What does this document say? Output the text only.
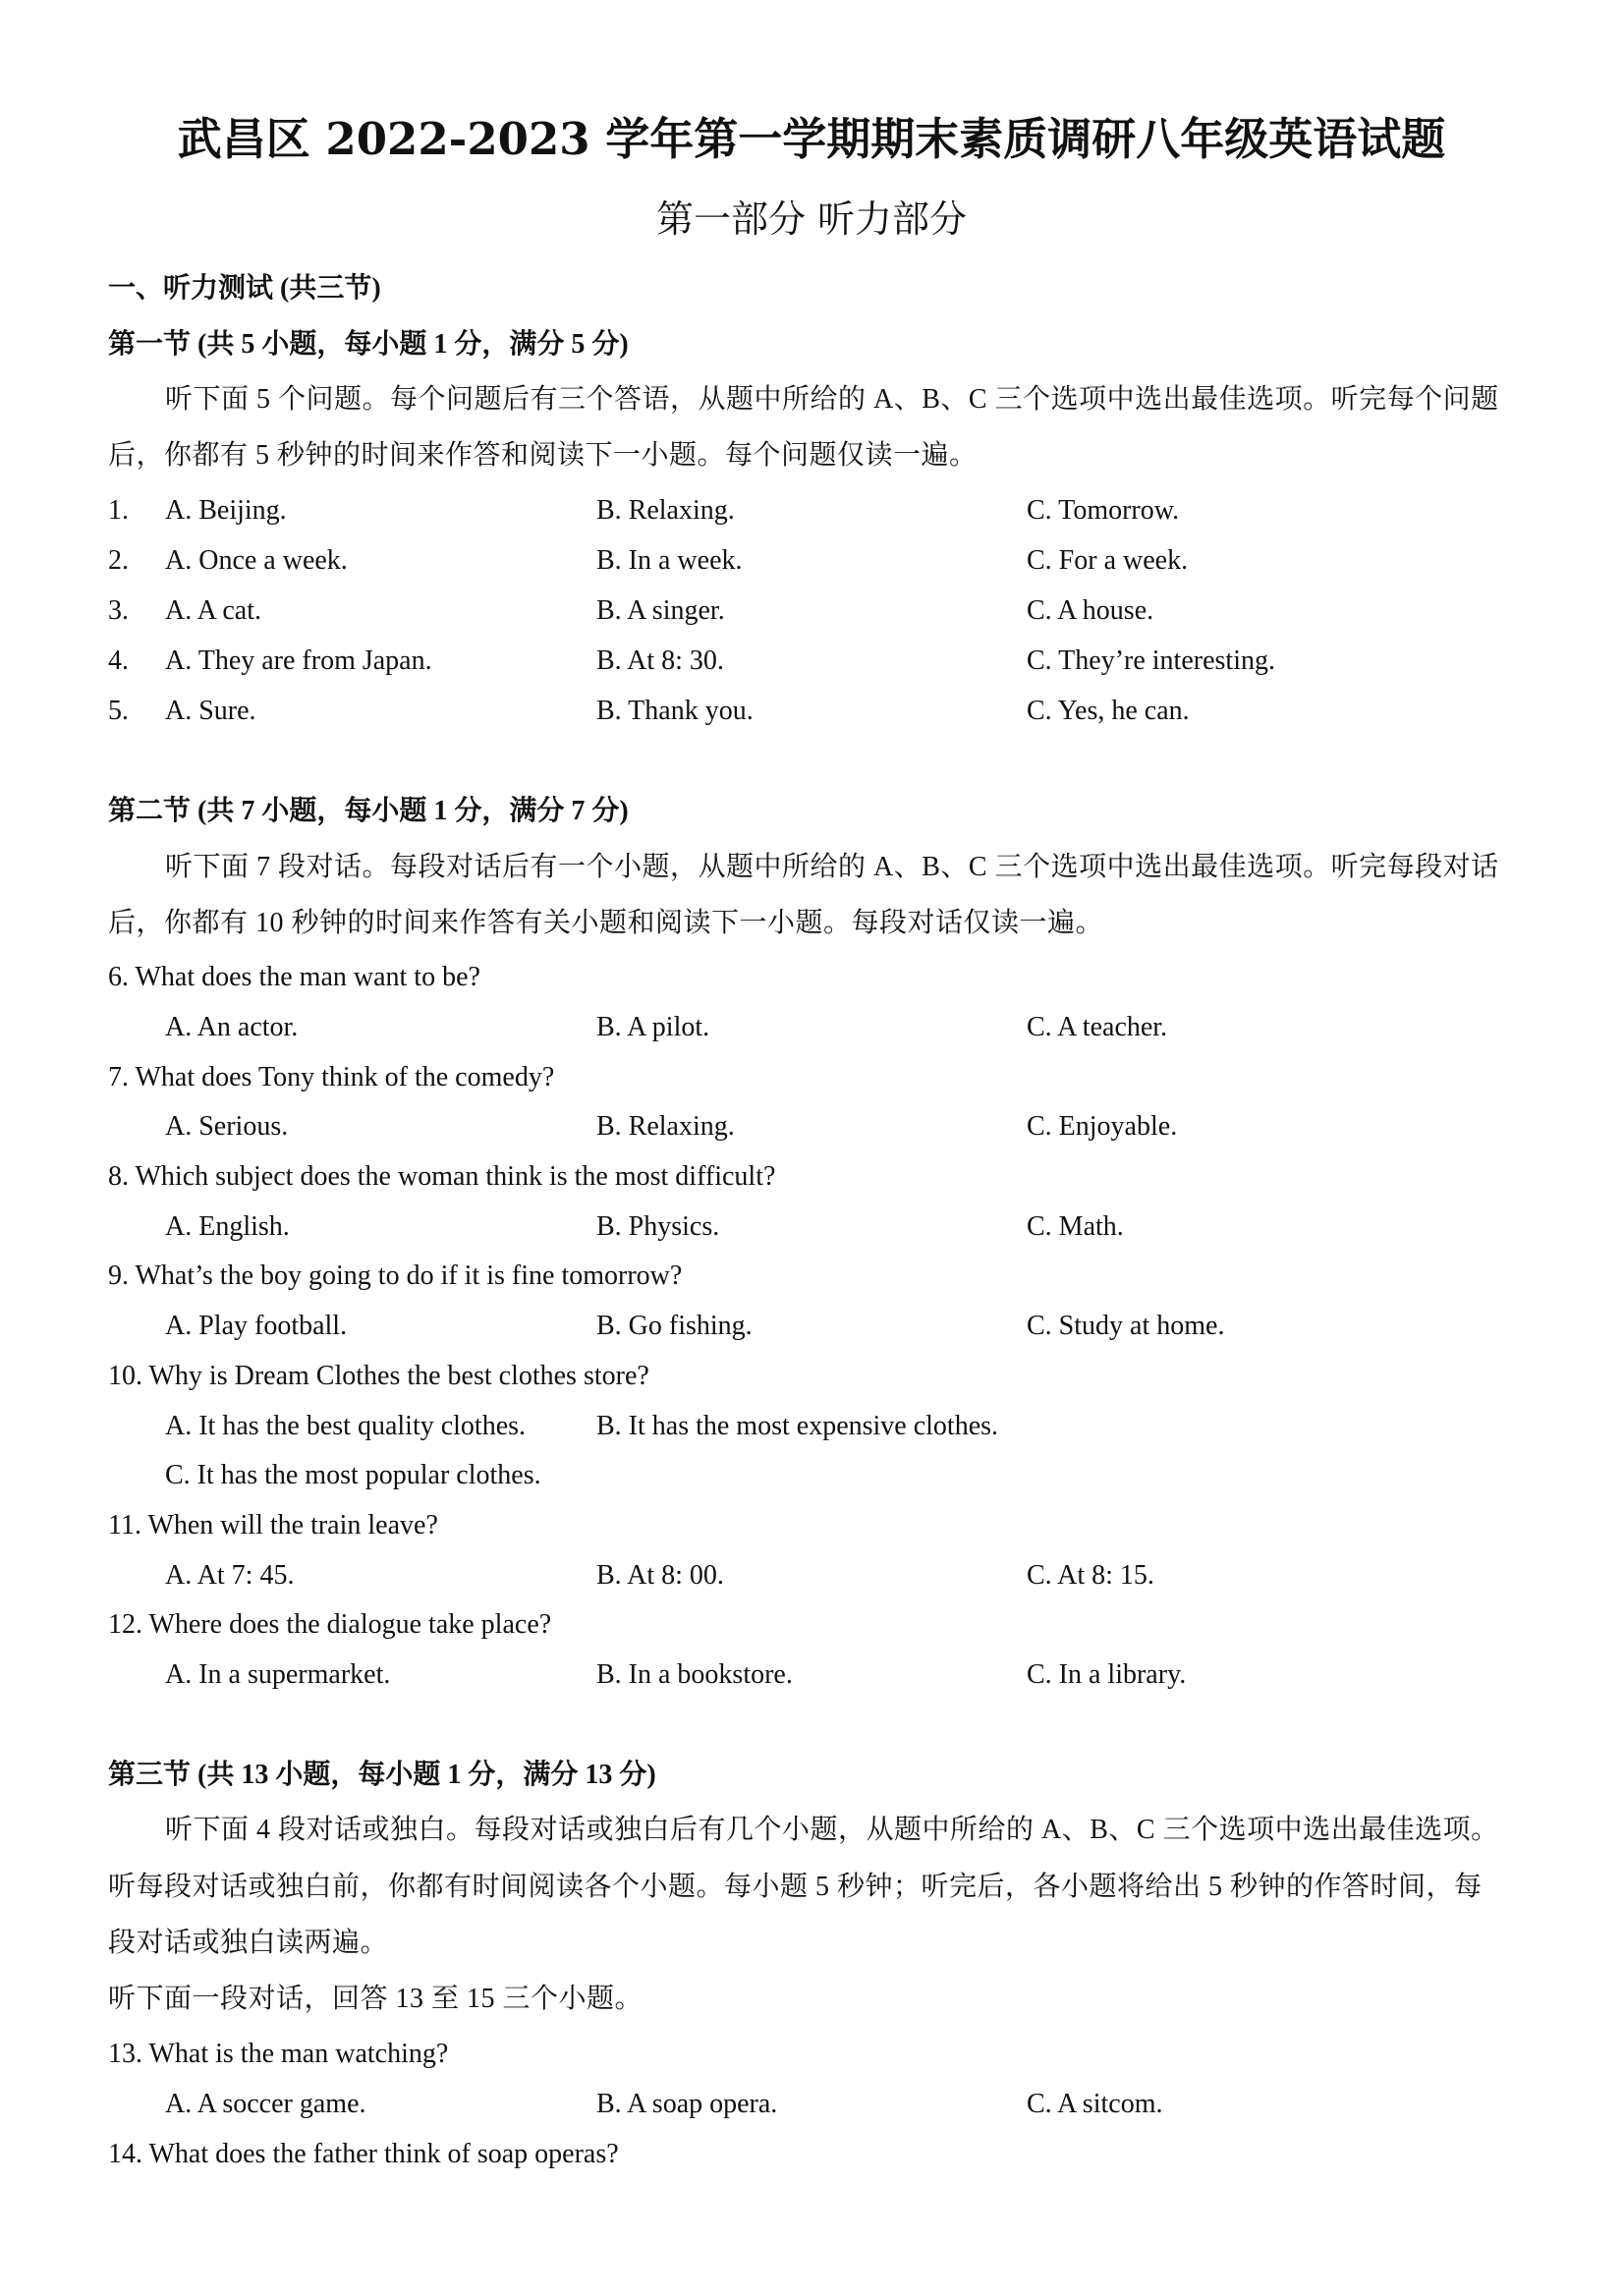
武昌区 2022-2023 学年第一学期期末素质调研八年级英语试题
第一部分 听力部分
一、听力测试 (共三节)
第一节 (共 5 小题，每小题 1 分，满分 5 分)
听下面 5 个问题。每个问题后有三个答语，从题中所给的 A、B、C 三个选项中选出最佳选项。听完每个问题
后，你都有 5 秒钟的时间来作答和阅读下一小题。每个问题仅读一遍。
1. A. Beijing.	B. Relaxing.	C. Tomorrow.
2. A. Once a week.	B. In a week.	C. For a week.
3. A. A cat.	B. A singer.	C. A house.
4. A. They are from Japan.	B. At 8: 30.	C. They’re interesting.
5. A. Sure.	B. Thank you.	C. Yes, he can.
第二节 (共 7 小题，每小题 1 分，满分 7 分)
听下面 7 段对话。每段对话后有一个小题，从题中所给的 A、B、C 三个选项中选出最佳选项。听完每段对话
后，你都有 10 秒钟的时间来作答有关小题和阅读下一小题。每段对话仅读一遍。
6. What does the man want to be?
A. An actor.	B. A pilot.	C. A teacher.
7. What does Tony think of the comedy?
A. Serious.	B. Relaxing.	C. Enjoyable.
8. Which subject does the woman think is the most difficult?
A. English.	B. Physics.	C. Math.
9. What’s the boy going to do if it is fine tomorrow?
A. Play football.	B. Go fishing.	C. Study at home.
10. Why is Dream Clothes the best clothes store?
A. It has the best quality clothes.	B. It has the most expensive clothes.
C. It has the most popular clothes.
11. When will the train leave?
A. At 7: 45.	B. At 8: 00.	C. At 8: 15.
12. Where does the dialogue take place?
A. In a supermarket.	B. In a bookstore.	C. In a library.
第三节 (共 13 小题，每小题 1 分，满分 13 分)
听下面 4 段对话或独白。每段对话或独白后有几个小题，从题中所给的 A、B、C 三个选项中选出最佳选项。
听每段对话或独白前，你都有时间阅读各个小题。每小题 5 秒钟；听完后，各小题将给出 5 秒钟的作答时间，每
段对话或独白读两遍。
听下面一段对话，回答 13 至 15 三个小题。
13. What is the man watching?
A. A soccer game.	B. A soap opera.	C. A sitcom.
14. What does the father think of soap operas?
